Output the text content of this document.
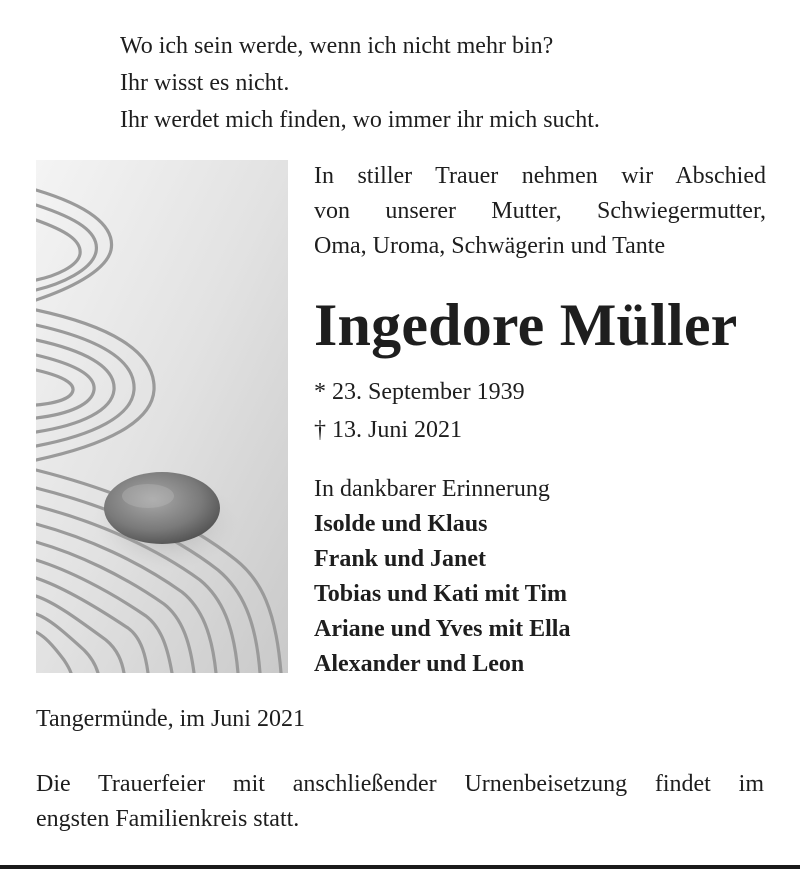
Wo ich sein werde, wenn ich nicht mehr bin?
Ihr wisst es nicht.
Ihr werdet mich finden, wo immer ihr mich sucht.
In stiller Trauer nehmen wir Abschied
von unserer Mutter, Schwiegermutter,
Oma, Uroma, Schwägerin und Tante
Ingedore Müller
* 23. September 1939
† 13. Juni 2021
In dankbarer Erinnerung
Isolde und Klaus
Frank und Janet
Tobias und Kati mit Tim
Ariane und Yves mit Ella
Alexander und Leon
Tangermünde, im Juni 2021
Die Trauerfeier mit anschließender Urnenbeisetzung findet im
engsten Familienkreis statt.
